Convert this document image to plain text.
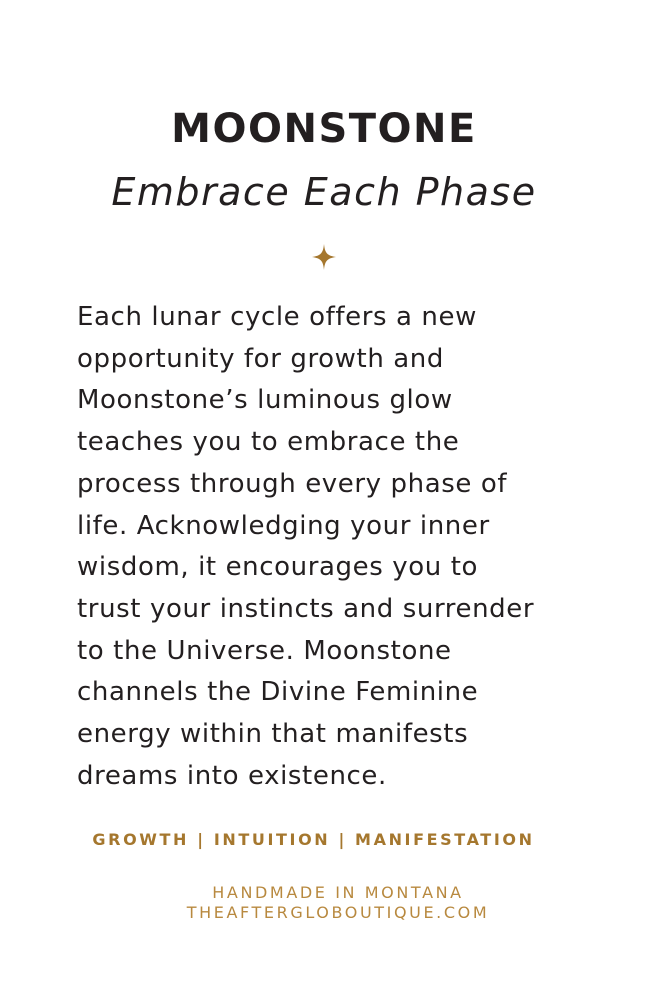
MOONSTONE
Embrace Each Phase

Each lunar cycle offers a new
opportunity for growth and
Moonstone’s luminous glow
teaches you to embrace the
process through every phase of
life. Acknowledging your inner
wisdom, it encourages you to
trust your instincts and surrender
to the Universe. Moonstone
channels the Divine Feminine
energy within that manifests
dreams into existence.

GROWTH | INTUITION | MANIFESTATION

HANDMADE IN MONTANA
THEAFTERGLOBOUTIQUE.COM
